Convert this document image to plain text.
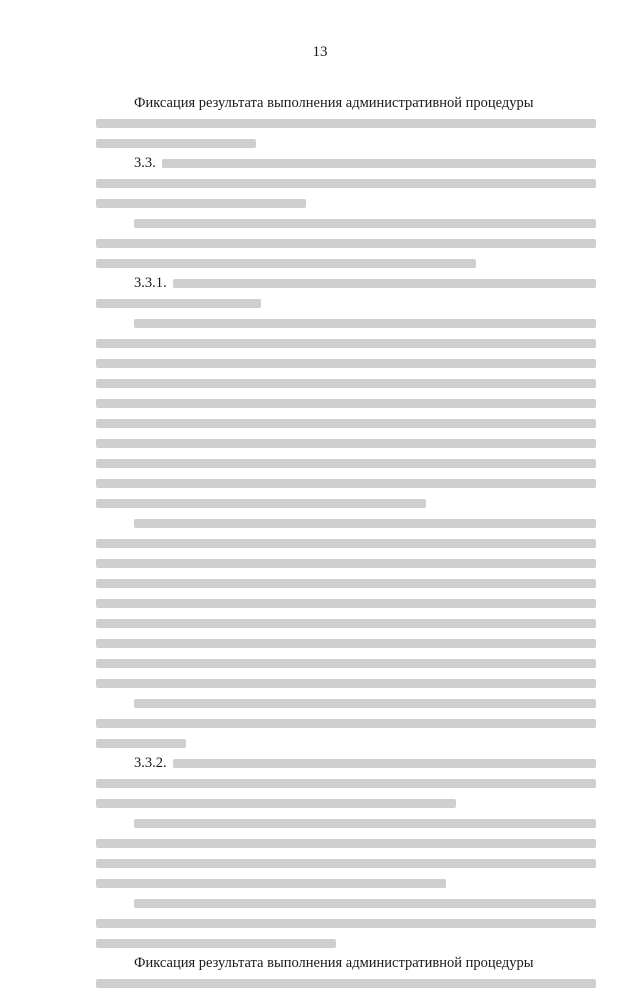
13
Фиксация результата выполнения административной процедуры
3.3.
3.3.1.
3.3.2.
Фиксация результата выполнения административной процедуры
